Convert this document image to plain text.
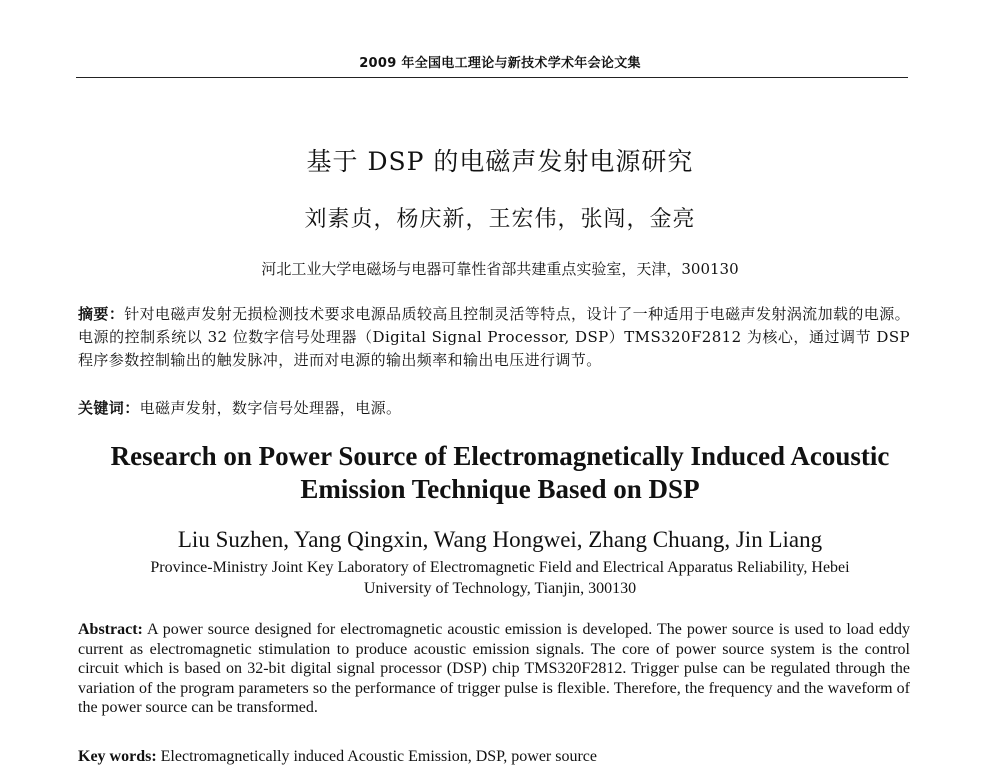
2009 年全国电工理论与新技术学术年会论文集
基于 DSP 的电磁声发射电源研究
刘素贞，杨庆新，王宏伟，张闯，金亮
河北工业大学电磁场与电器可靠性省部共建重点实验室，天津，300130
摘要：针对电磁声发射无损检测技术要求电源品质较高且控制灵活等特点，设计了一种适用于电磁声发射涡流加载的电源。电源的控制系统以 32 位数字信号处理器（Digital Signal Processor, DSP）TMS320F2812 为核心，通过调节 DSP 程序参数控制输出的触发脉冲，进而对电源的输出频率和输出电压进行调节。
关键词：电磁声发射，数字信号处理器，电源。
Research on Power Source of Electromagnetically Induced Acoustic
Emission Technique Based on DSP
Liu Suzhen, Yang Qingxin, Wang Hongwei, Zhang Chuang, Jin Liang
Province-Ministry Joint Key Laboratory of Electromagnetic Field and Electrical Apparatus Reliability, Hebei
University of Technology, Tianjin, 300130
Abstract: A power source designed for electromagnetic acoustic emission is developed. The power source is used to load eddy current as electromagnetic stimulation to produce acoustic emission signals. The core of power source system is the control circuit which is based on 32-bit digital signal processor (DSP) chip TMS320F2812. Trigger pulse can be regulated through the variation of the program parameters so the performance of trigger pulse is flexible. Therefore, the frequency and the waveform of the power source can be transformed.
Key words: Electromagnetically induced Acoustic Emission, DSP, power source
